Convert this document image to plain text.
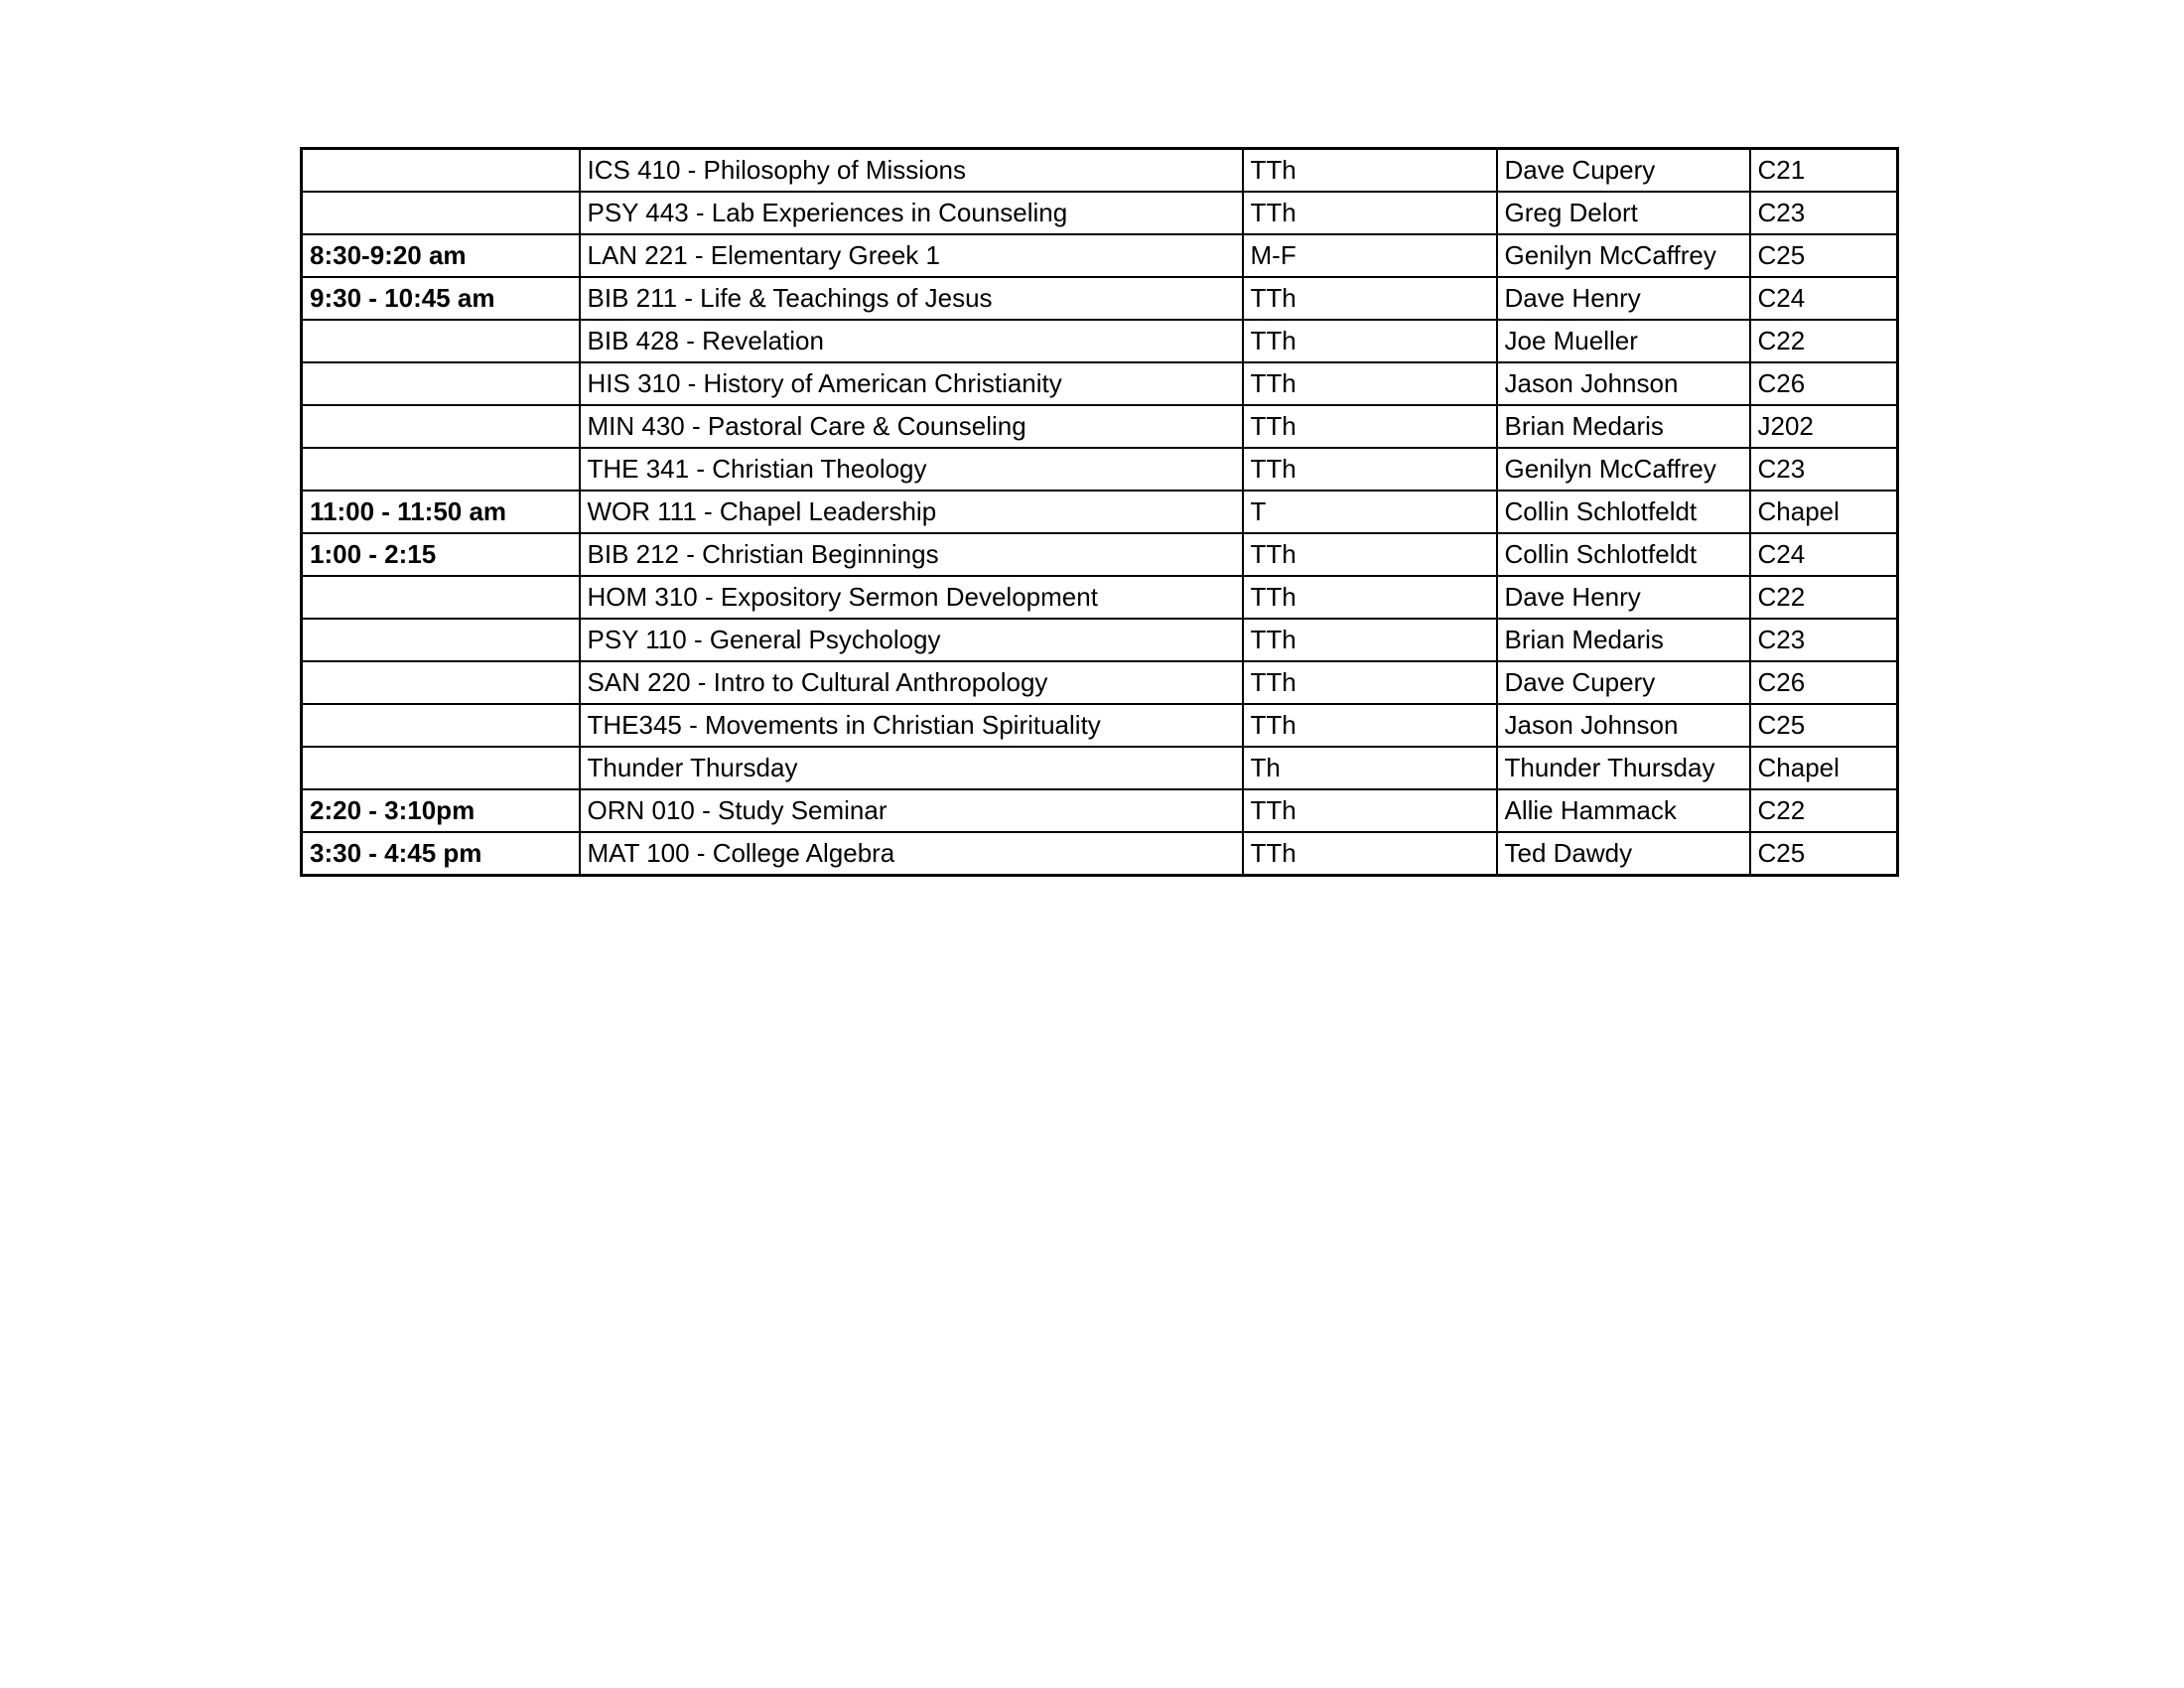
	ICS 410 - Philosophy of Missions	TTh	Dave Cupery	C21
	PSY 443 - Lab Experiences in Counseling	TTh	Greg Delort	C23
8:30-9:20 am	LAN 221 - Elementary Greek 1	M-F	Genilyn McCaffrey	C25
9:30 - 10:45 am	BIB 211 - Life & Teachings of Jesus	TTh	Dave Henry	C24
	BIB 428 - Revelation	TTh	Joe Mueller	C22
	HIS 310 - History of American Christianity	TTh	Jason Johnson	C26
	MIN 430 - Pastoral Care & Counseling	TTh	Brian Medaris	J202
	THE 341 - Christian Theology	TTh	Genilyn McCaffrey	C23
11:00 - 11:50 am	WOR 111 - Chapel Leadership	T	Collin Schlotfeldt	Chapel
1:00 - 2:15	BIB 212 - Christian Beginnings	TTh	Collin Schlotfeldt	C24
	HOM 310 - Expository Sermon Development	TTh	Dave Henry	C22
	PSY 110 - General Psychology	TTh	Brian Medaris	C23
	SAN 220 - Intro to Cultural Anthropology	TTh	Dave Cupery	C26
	THE345 - Movements in Christian Spirituality	TTh	Jason Johnson	C25
	Thunder Thursday	Th	Thunder Thursday	Chapel
2:20 - 3:10pm	ORN 010 - Study Seminar	TTh	Allie Hammack	C22
3:30 - 4:45 pm	MAT 100 - College Algebra	TTh	Ted Dawdy	C25
